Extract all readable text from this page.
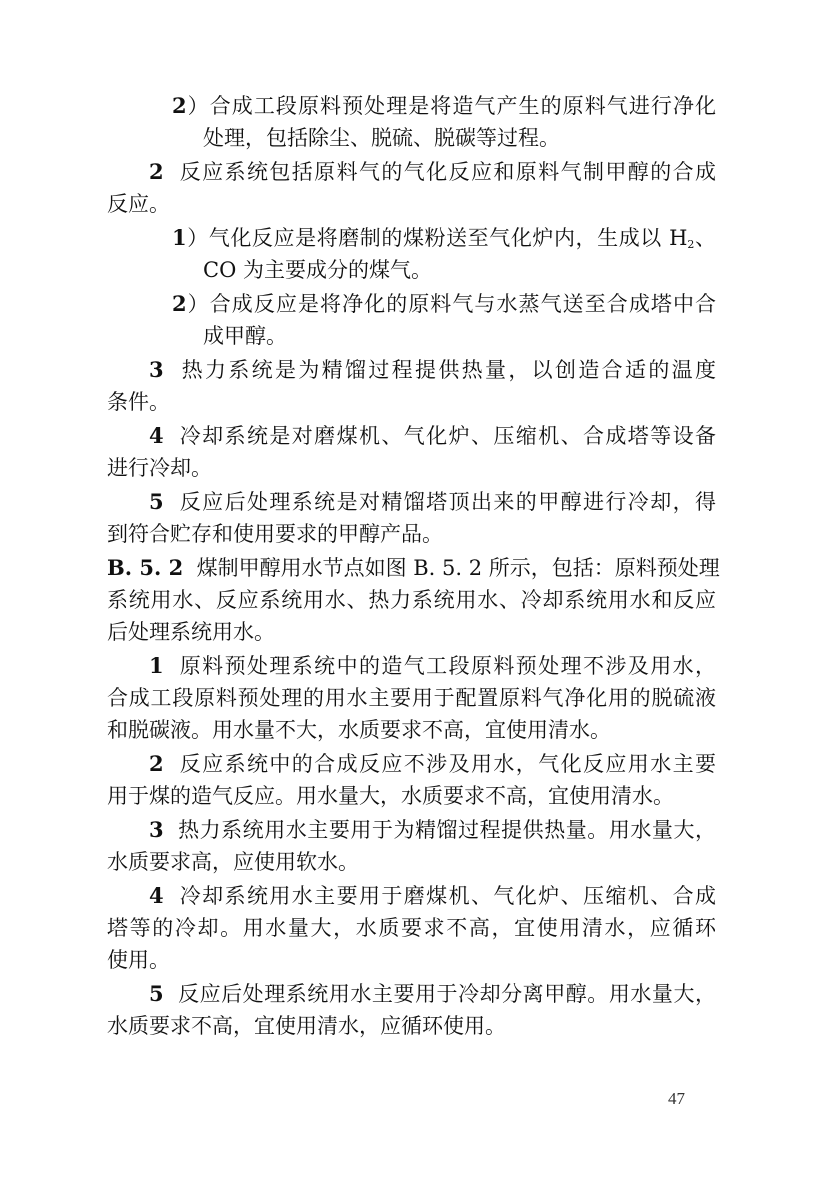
2）合成工段原料预处理是将造气产生的原料气进行净化
处理，包括除尘、脱硫、脱碳等过程。
2 反应系统包括原料气的气化反应和原料气制甲醇的合成
反应。
1）气化反应是将磨制的煤粉送至气化炉内，生成以 $H_2$、
CO 为主要成分的煤气。
2）合成反应是将净化的原料气与水蒸气送至合成塔中合
成甲醇。
3 热力系统是为精馏过程提供热量，以创造合适的温度
条件。
4 冷却系统是对磨煤机、气化炉、压缩机、合成塔等设备
进行冷却。
5 反应后处理系统是对精馏塔顶出来的甲醇进行冷却，得
到符合贮存和使用要求的甲醇产品。
B. 5. 2 煤制甲醇用水节点如图 B. 5. 2 所示，包括：原料预处理
系统用水、反应系统用水、热力系统用水、冷却系统用水和反应
后处理系统用水。
1 原料预处理系统中的造气工段原料预处理不涉及用水，
合成工段原料预处理的用水主要用于配置原料气净化用的脱硫液
和脱碳液。用水量不大，水质要求不高，宜使用清水。
2 反应系统中的合成反应不涉及用水，气化反应用水主要
用于煤的造气反应。用水量大，水质要求不高，宜使用清水。
3 热力系统用水主要用于为精馏过程提供热量。用水量大，
水质要求高，应使用软水。
4 冷却系统用水主要用于磨煤机、气化炉、压缩机、合成
塔等的冷却。用水量大，水质要求不高，宜使用清水，应循环
使用。
5 反应后处理系统用水主要用于冷却分离甲醇。用水量大，
水质要求不高，宜使用清水，应循环使用。
47
